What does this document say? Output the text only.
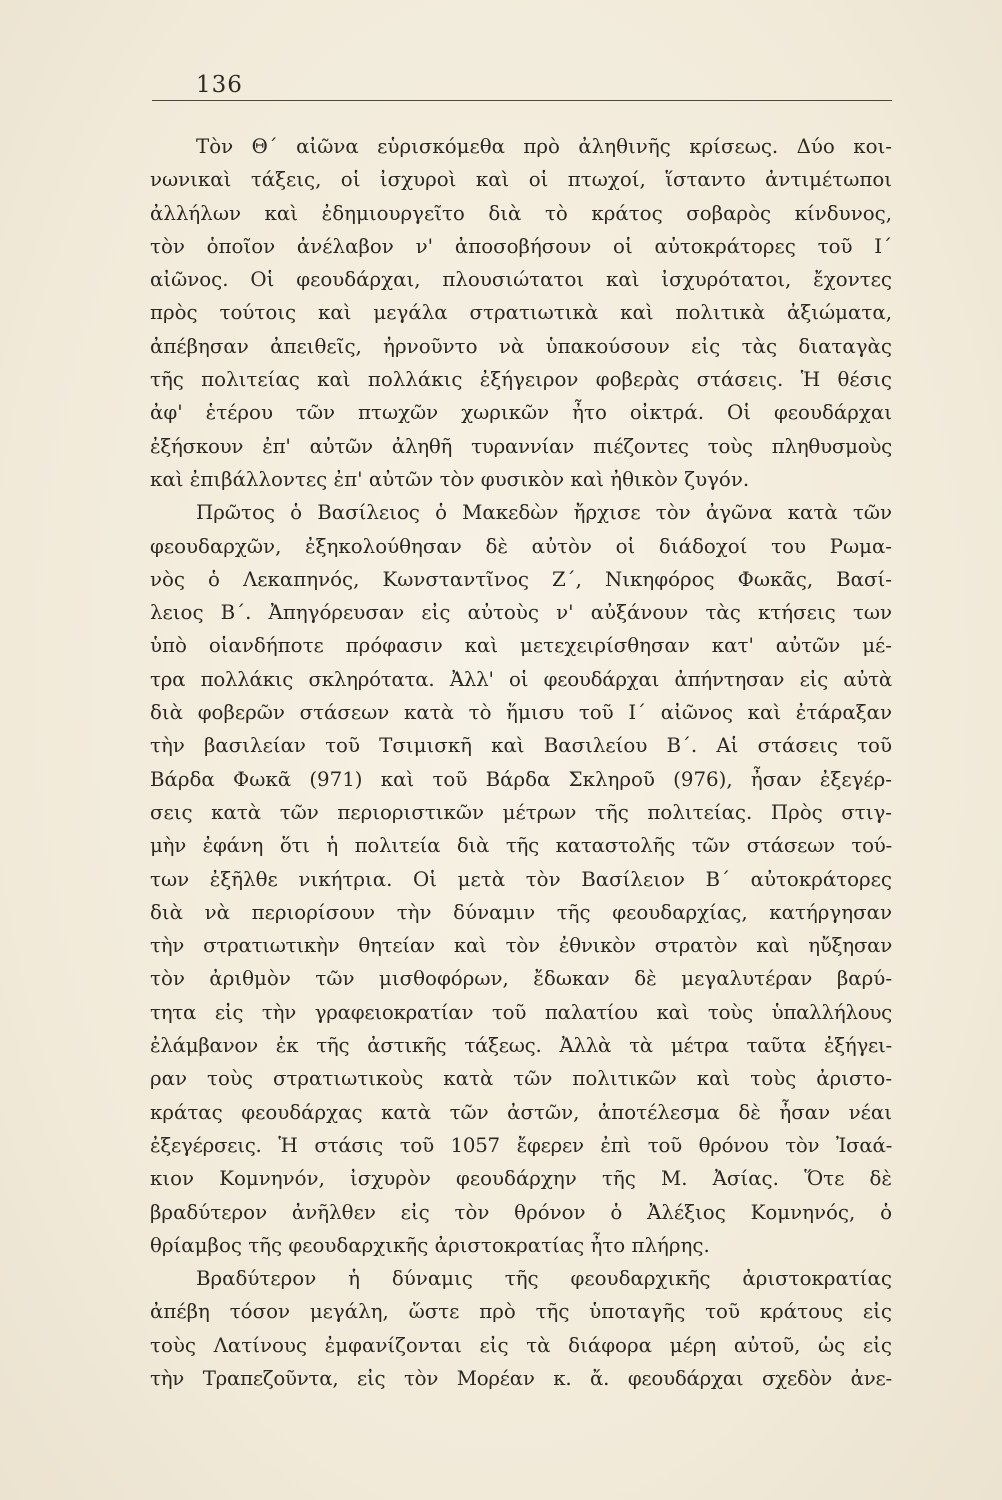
136
Τὸν Θ΄ αἰῶνα εὑρισκόμεθα πρὸ ἀληθινῆς κρίσεως. Δύο κοι-
νωνικαὶ τάξεις, οἱ ἰσχυροὶ καὶ οἱ πτωχοί, ἵσταντο ἀντιμέτωποι
ἀλλήλων καὶ ἐδημιουργεῖτο διὰ τὸ κράτος σοβαρὸς κίνδυνος,
τὸν ὁποῖον ἀνέλαβον ν' ἀποσοβήσουν οἱ αὐτοκράτορες τοῦ Ι΄
αἰῶνος. Οἱ φεουδάρχαι, πλουσιώτατοι καὶ ἰσχυρότατοι, ἔχοντες
πρὸς τούτοις καὶ μεγάλα στρατιωτικὰ καὶ πολιτικὰ ἀξιώματα,
ἀπέβησαν ἀπειθεῖς, ἠρνοῦντο νὰ ὑπακούσουν εἰς τὰς διαταγὰς
τῆς πολιτείας καὶ πολλάκις ἐξήγειρον φοβερὰς στάσεις. Ἡ θέσις
ἀφ' ἑτέρου τῶν πτωχῶν χωρικῶν ἦτο οἰκτρά. Οἱ φεουδάρχαι
ἐξήσκουν ἐπ' αὐτῶν ἀληθῆ τυραννίαν πιέζοντες τοὺς πληθυσμοὺς
καὶ ἐπιβάλλοντες ἐπ' αὐτῶν τὸν φυσικὸν καὶ ἠθικὸν ζυγόν.
Πρῶτος ὁ Βασίλειος ὁ Μακεδὼν ἤρχισε τὸν ἀγῶνα κατὰ τῶν
φεουδαρχῶν, ἐξηκολούθησαν δὲ αὐτὸν οἱ διάδοχοί του Ρωμα-
νὸς ὁ Λεκαπηνός, Κωνσταντῖνος Ζ΄, Νικηφόρος Φωκᾶς, Βασί-
λειος Β΄. Ἀπηγόρευσαν εἰς αὐτοὺς ν' αὐξάνουν τὰς κτήσεις των
ὑπὸ οἱανδήποτε πρόφασιν καὶ μετεχειρίσθησαν κατ' αὐτῶν μέ-
τρα πολλάκις σκληρότατα. Ἀλλ' οἱ φεουδάρχαι ἀπήντησαν εἰς αὐτὰ
διὰ φοβερῶν στάσεων κατὰ τὸ ἥμισυ τοῦ Ι΄ αἰῶνος καὶ ἐτάραξαν
τὴν βασιλείαν τοῦ Τσιμισκῆ καὶ Βασιλείου Β΄. Αἱ στάσεις τοῦ
Βάρδα Φωκᾶ (971) καὶ τοῦ Βάρδα Σκληροῦ (976), ἦσαν ἐξεγέρ-
σεις κατὰ τῶν περιοριστικῶν μέτρων τῆς πολιτείας. Πρὸς στιγ-
μὴν ἐφάνη ὅτι ἡ πολιτεία διὰ τῆς καταστολῆς τῶν στάσεων τού-
των ἐξῆλθε νικήτρια. Οἱ μετὰ τὸν Βασίλειον Β΄ αὐτοκράτορες
διὰ νὰ περιορίσουν τὴν δύναμιν τῆς φεουδαρχίας, κατήργησαν
τὴν στρατιωτικὴν θητείαν καὶ τὸν ἐθνικὸν στρατὸν καὶ ηὔξησαν
τὸν ἀριθμὸν τῶν μισθοφόρων, ἔδωκαν δὲ μεγαλυτέραν βαρύ-
τητα εἰς τὴν γραφειοκρατίαν τοῦ παλατίου καὶ τοὺς ὑπαλλήλους
ἐλάμβανον ἐκ τῆς ἀστικῆς τάξεως. Ἀλλὰ τὰ μέτρα ταῦτα ἐξήγει-
ραν τοὺς στρατιωτικοὺς κατὰ τῶν πολιτικῶν καὶ τοὺς ἀριστο-
κράτας φεουδάρχας κατὰ τῶν ἀστῶν, ἀποτέλεσμα δὲ ἦσαν νέαι
ἐξεγέρσεις. Ἡ στάσις τοῦ 1057 ἔφερεν ἐπὶ τοῦ θρόνου τὸν Ἰσαά-
κιον Κομνηνόν, ἰσχυρὸν φεουδάρχην τῆς Μ. Ἀσίας. Ὅτε δὲ
βραδύτερον ἀνῆλθεν εἰς τὸν θρόνον ὁ Ἀλέξιος Κομνηνός, ὁ
θρίαμβος τῆς φεουδαρχικῆς ἀριστοκρατίας ἦτο πλήρης.
Βραδύτερον ἡ δύναμις τῆς φεουδαρχικῆς ἀριστοκρατίας
ἀπέβη τόσον μεγάλη, ὥστε πρὸ τῆς ὑποταγῆς τοῦ κράτους εἰς
τοὺς Λατίνους ἐμφανίζονται εἰς τὰ διάφορα μέρη αὐτοῦ, ὡς εἰς
τὴν Τραπεζοῦντα, εἰς τὸν Μορέαν κ. ἄ. φεουδάρχαι σχεδὸν ἀνε-
